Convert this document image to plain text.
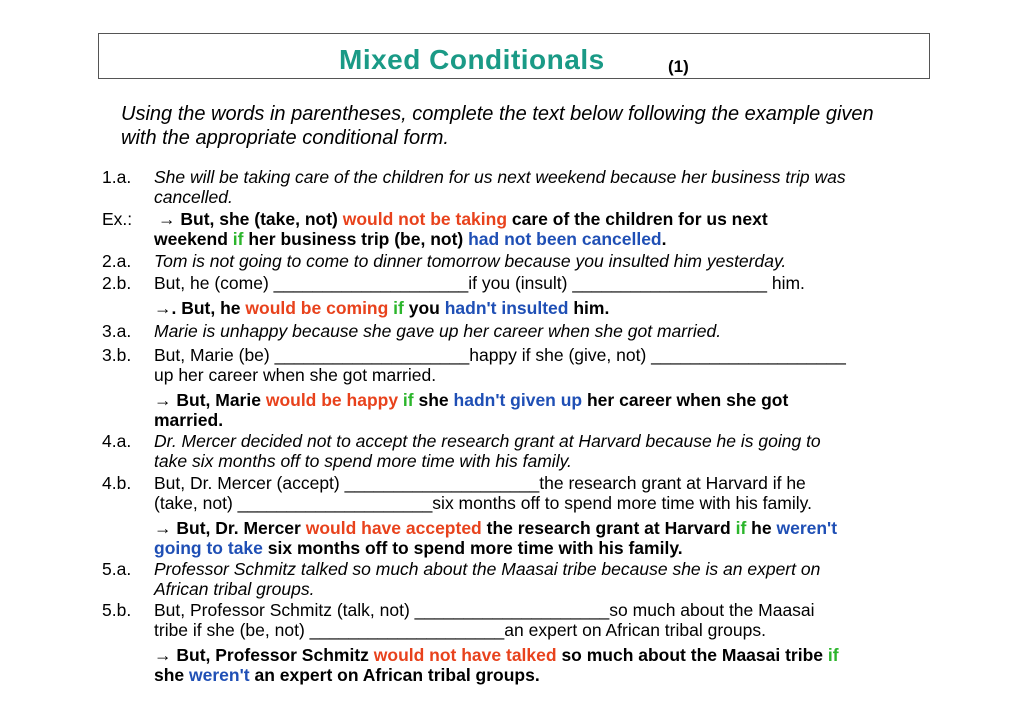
Mixed Conditionals	(1)
Using the words in parentheses, complete the text below following the example given
with the appropriate conditional form.
1.a. She will be taking care of the children for us next weekend because her business trip was
cancelled.
Ex.: → But, she (take, not) would not be taking care of the children for us next
weekend if her business trip (be, not) had not been cancelled.
2.a. Tom is not going to come to dinner tomorrow because you insulted him yesterday.
2.b. But, he (come) ____________________if you (insult) ____________________ him.
→. But, he would be coming if you hadn't insulted him.
3.a. Marie is unhappy because she gave up her career when she got married.
3.b. But, Marie (be) ____________________happy if she (give, not) ____________________
up her career when she got married.
→ But, Marie would be happy if she hadn't given up her career when she got
married.
4.a. Dr. Mercer decided not to accept the research grant at Harvard because he is going to
take six months off to spend more time with his family.
4.b. But, Dr. Mercer (accept) ____________________the research grant at Harvard if he
(take, not) ____________________six months off to spend more time with his family.
→ But, Dr. Mercer would have accepted the research grant at Harvard if he weren't
going to take six months off to spend more time with his family.
5.a. Professor Schmitz talked so much about the Maasai tribe because she is an expert on
African tribal groups.
5.b. But, Professor Schmitz (talk, not) ____________________so much about the Maasai
tribe if she (be, not) ____________________an expert on African tribal groups.
→ But, Professor Schmitz would not have talked so much about the Maasai tribe if
she weren't an expert on African tribal groups.
